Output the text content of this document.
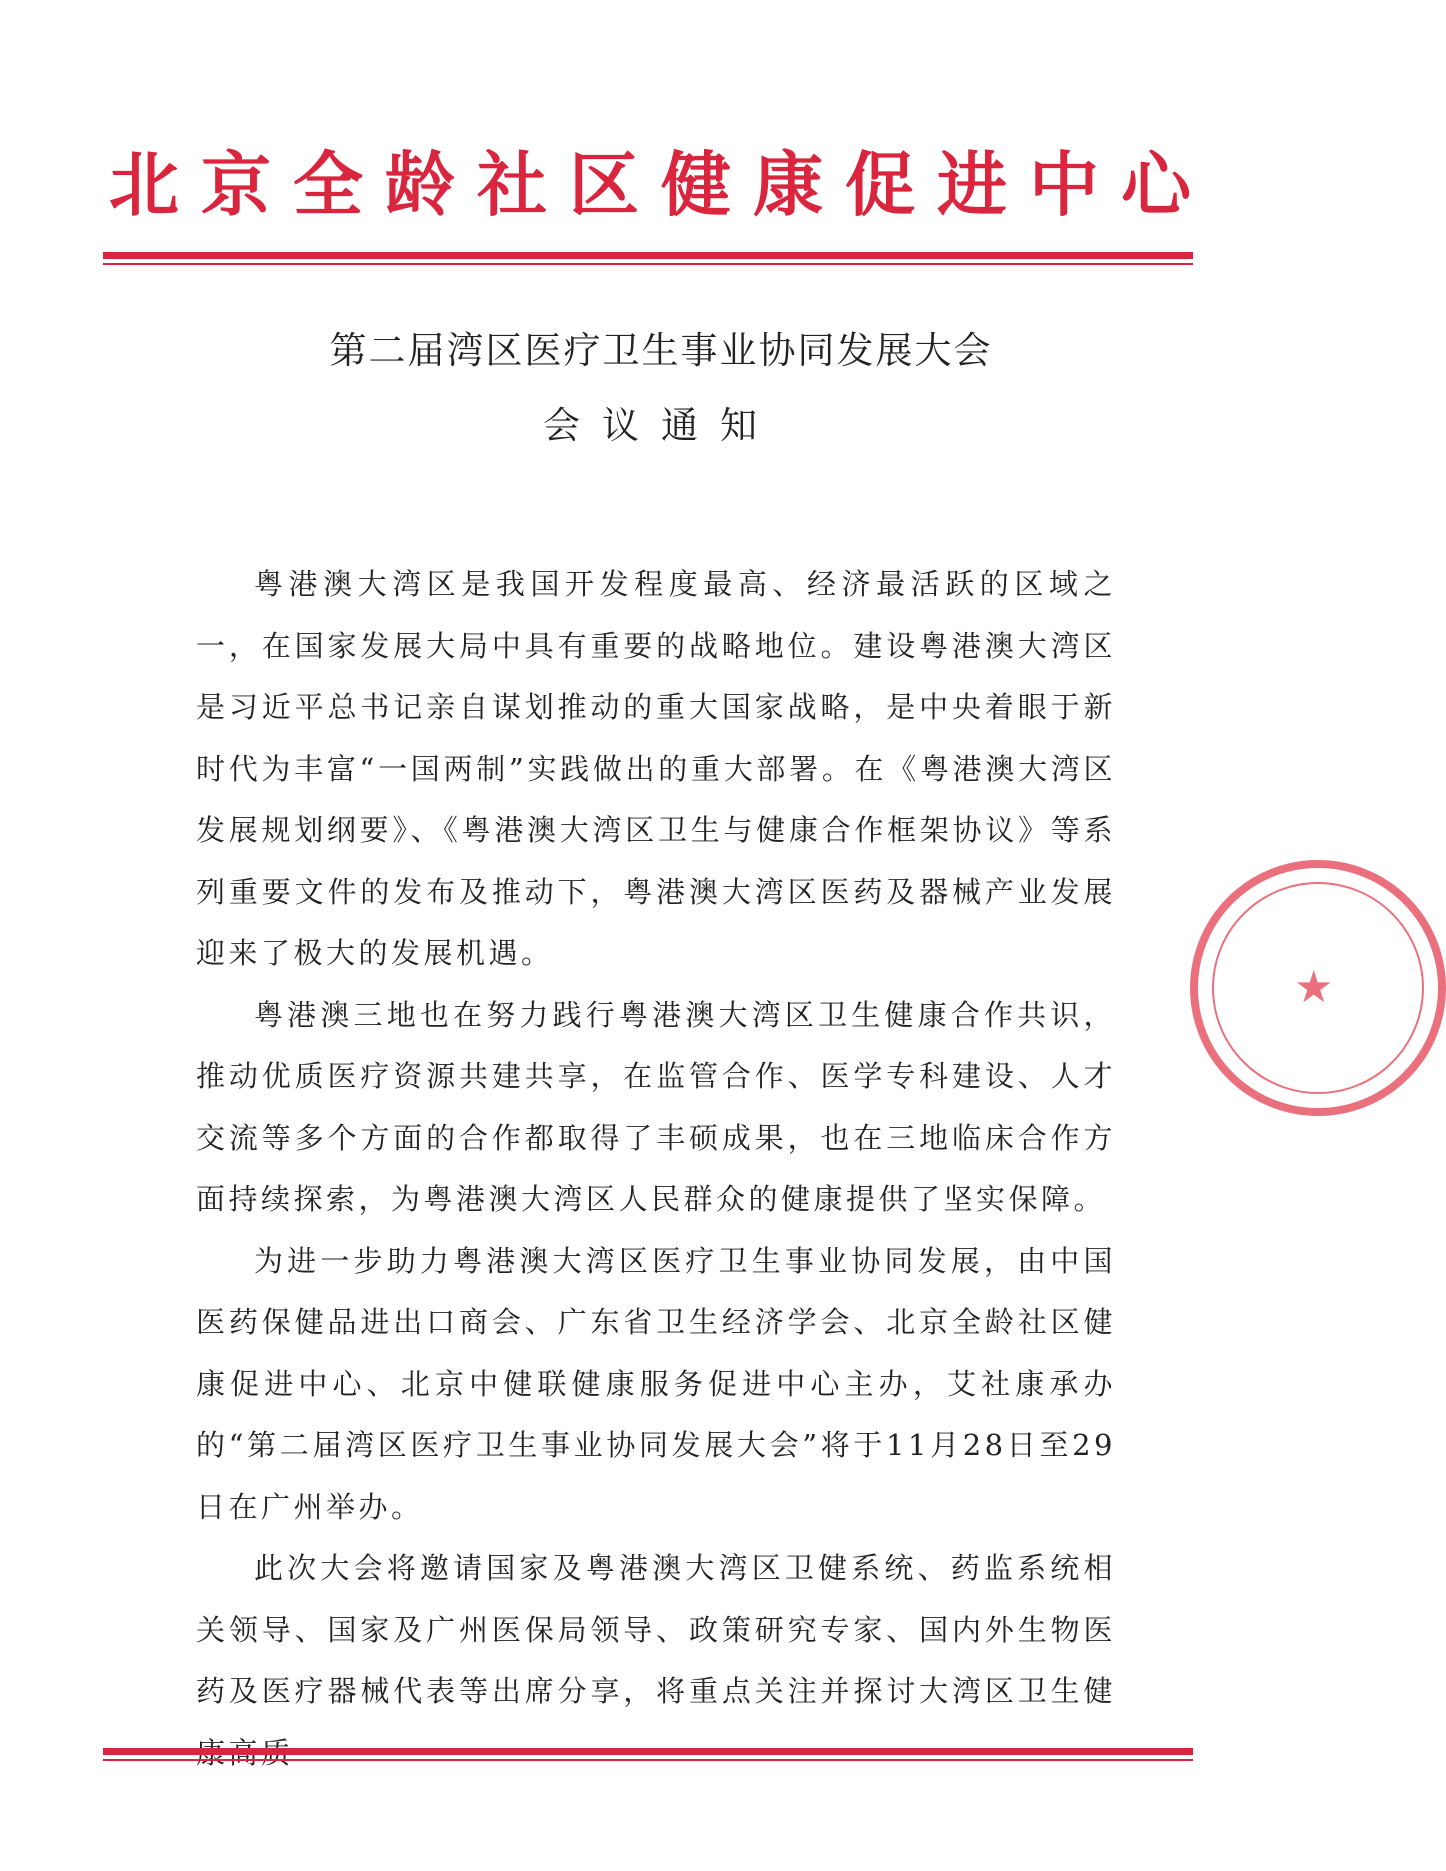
北京全龄社区健康促进中心
第二届湾区医疗卫生事业协同发展大会
会议通知

粤港澳大湾区是我国开发程度最高、经济最活跃的区域之一，在国家发展大局中具有重要的战略地位。建设粤港澳大湾区是习近平总书记亲自谋划推动的重大国家战略，是中央着眼于新时代为丰富“一国两制”实践做出的重大部署。在《粤港澳大湾区发展规划纲要》、《粤港澳大湾区卫生与健康合作框架协议》等系列重要文件的发布及推动下，粤港澳大湾区医药及器械产业发展迎来了极大的发展机遇。

粤港澳三地也在努力践行粤港澳大湾区卫生健康合作共识，推动优质医疗资源共建共享，在监管合作、医学专科建设、人才交流等多个方面的合作都取得了丰硕成果，也在三地临床合作方面持续探索，为粤港澳大湾区人民群众的健康提供了坚实保障。

为进一步助力粤港澳大湾区医疗卫生事业协同发展，由中国医药保健品进出口商会、广东省卫生经济学会、北京全龄社区健康促进中心、北京中健联健康服务促进中心主办，艾社康承办的“第二届湾区医疗卫生事业协同发展大会”将于11月28日至29日在广州举办。

此次大会将邀请国家及粤港澳大湾区卫健系统、药监系统相关领导、国家及广州医保局领导、政策研究专家、国内外生物医药及医疗器械代表等出席分享，将重点关注并探讨大湾区卫生健

★
